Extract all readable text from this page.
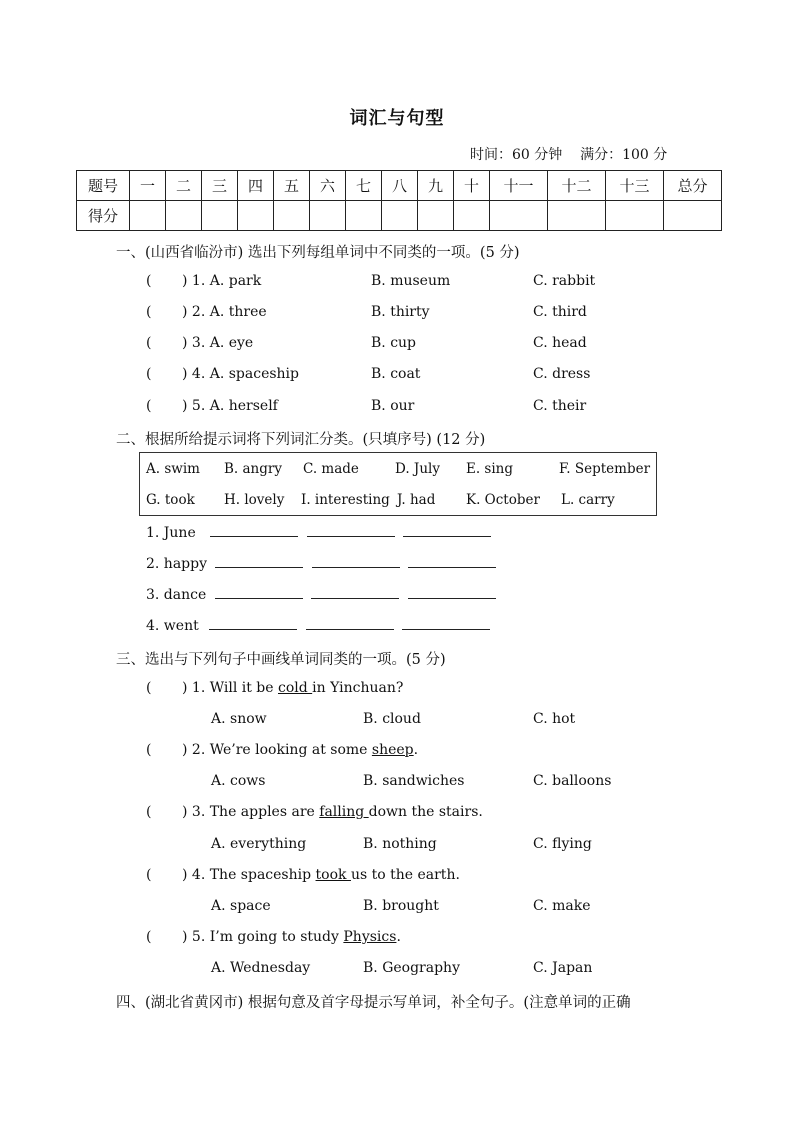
词汇与句型
时间：60 分钟 满分：100 分
题号	一	二	三	四	五	六	七	八	九	十	十一	十二	十三	总分
得分														
一、(山西省临汾市) 选出下列每组单词中不同类的一项。(5 分)
( ) 1. A. park	B. museum	C. rabbit
( ) 2. A. three	B. thirty	C. third
( ) 3. A. eye	B. cup	C. head
( ) 4. A. spaceship	B. coat	C. dress
( ) 5. A. herself	B. our	C. their
二、根据所给提示词将下列词汇分类。(只填序号) (12 分)
A. swim B. angry C. made	D. July E. sing	F. September
G. took H. lovely I. interesting J. had K. October L. carry
1. June
2. happy
3. dance
4. went
三、选出与下列句子中画线单词同类的一项。(5 分)
( ) 1. Will it be cold in Yinchuan?
A. snow	B. cloud	C. hot
( ) 2. We’re looking at some sheep.
A. cows	B. sandwiches	C. balloons
( ) 3. The apples are falling down the stairs.
A. everything	B. nothing	C. flying
( ) 4. The spaceship took us to the earth.
A. space	B. brought	C. make
( ) 5. I’m going to study Physics.
A. Wednesday	B. Geography	C. Japan
四、(湖北省黄冈市) 根据句意及首字母提示写单词，补全句子。(注意单词的正确
